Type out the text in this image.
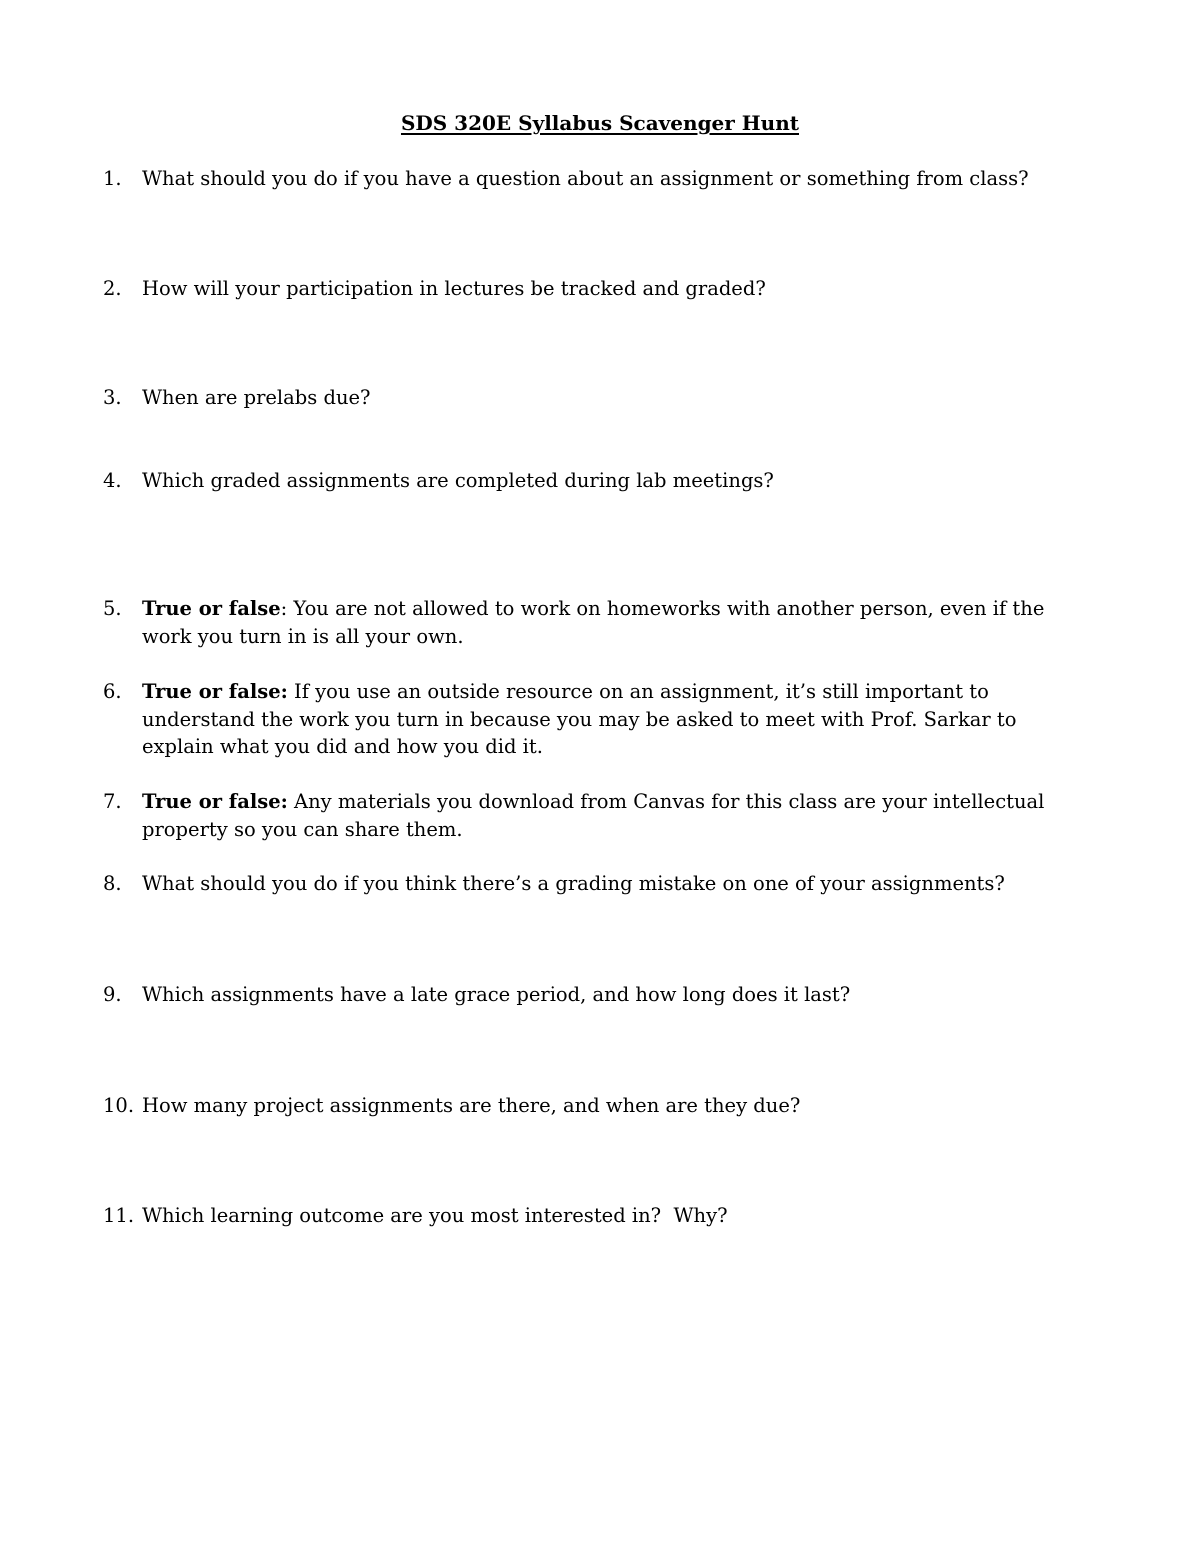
SDS 320E Syllabus Scavenger Hunt
1.	What should you do if you have a question about an assignment or something from class?
2.	How will your participation in lectures be tracked and graded?
3.	When are prelabs due?
4.	Which graded assignments are completed during lab meetings?
5.	True or false: You are not allowed to work on homeworks with another person, even if the
work you turn in is all your own.
6.	True or false: If you use an outside resource on an assignment, it’s still important to
understand the work you turn in because you may be asked to meet with Prof. Sarkar to
explain what you did and how you did it.
7.	True or false: Any materials you download from Canvas for this class are your intellectual
property so you can share them.
8.	What should you do if you think there’s a grading mistake on one of your assignments?
9.	Which assignments have a late grace period, and how long does it last?
10. How many project assignments are there, and when are they due?
11. Which learning outcome are you most interested in?  Why?
